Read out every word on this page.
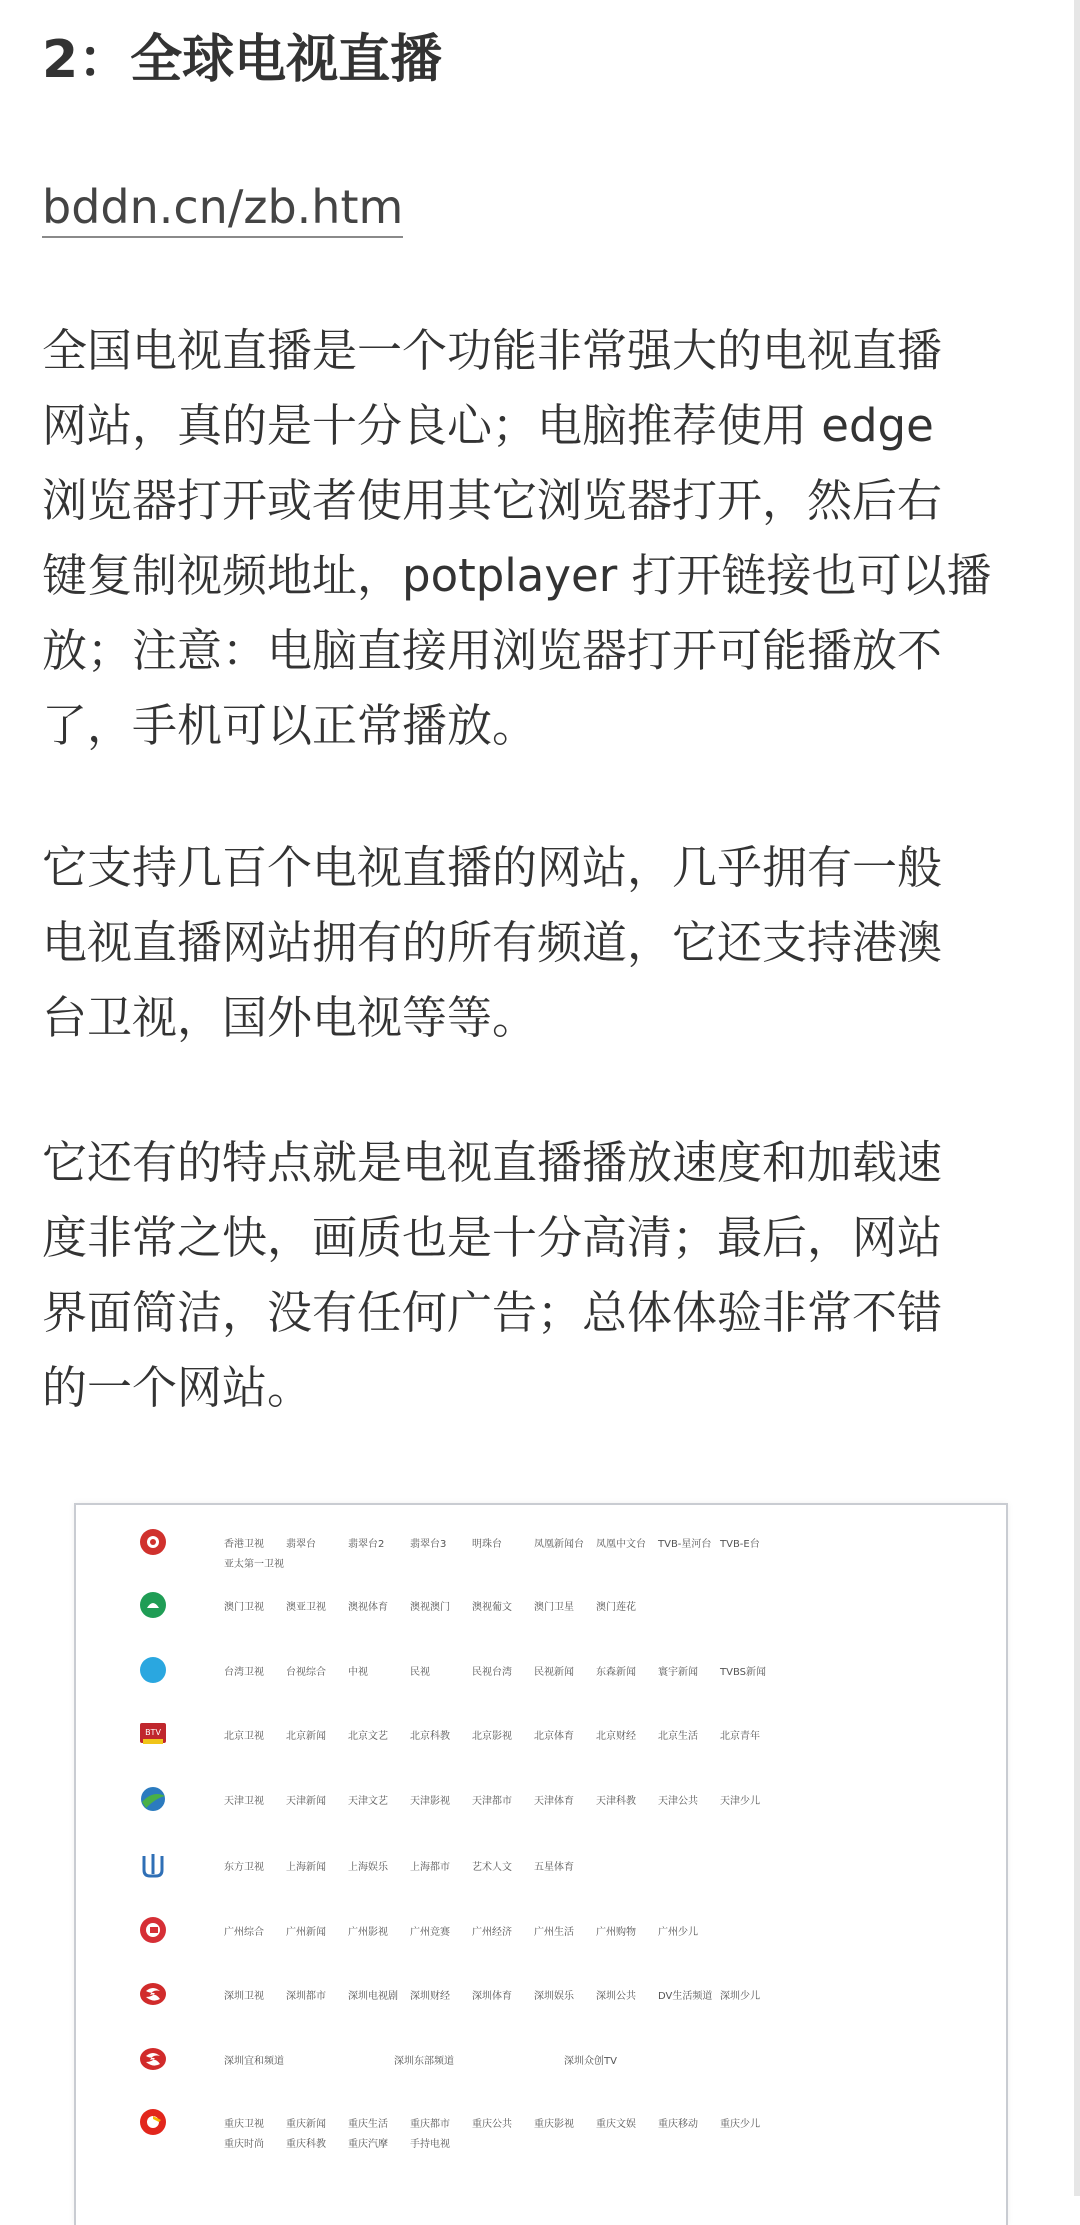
2：全球电视直播
bddn.cn/zb.htm
全国电视直播是一个功能非常强大的电视直播
网站，真的是十分良心；电脑推荐使用 edge
浏览器打开或者使用其它浏览器打开，然后右
键复制视频地址，potplayer 打开链接也可以播
放；注意：电脑直接用浏览器打开可能播放不
了，手机可以正常播放。
它支持几百个电视直播的网站，几乎拥有一般
电视直播网站拥有的所有频道，它还支持港澳
台卫视，国外电视等等。
它还有的特点就是电视直播播放速度和加载速
度非常之快，画质也是十分高清；最后，网站
界面简洁，没有任何广告；总体体验非常不错
的一个网站。
香港卫视 翡翠台	翡翠台2	翡翠台3	明珠台	凤凰新闻台 凤凰中文台 TVB-星河台 TVB-E台
亚太第一卫视
澳门卫视 澳亚卫视 澳视体育 澳视澳门 澳视葡文 澳门卫星 澳门莲花
台湾卫视 台视综合 中视	民视	民视台湾 民视新闻 东森新闻 寰宇新闻 TVBS新闻
BTV	北京卫视 北京新闻 北京文艺 北京科教 北京影视 北京体育 北京财经 北京生活 北京青年
天津卫视 天津新闻 天津文艺 天津影视 天津都市 天津体育 天津科教 天津公共 天津少儿
东方卫视 上海新闻 上海娱乐 上海都市 艺术人文 五星体育
广州综合 广州新闻 广州影视 广州竞赛 广州经济 广州生活 广州购物 广州少儿
深圳卫视 深圳都市 深圳电视剧 深圳财经 深圳体育 深圳娱乐 深圳公共 DV生活频道 深圳少儿
深圳宜和频道	深圳东部频道	深圳众创TV
重庆卫视 重庆新闻 重庆生活 重庆都市 重庆公共 重庆影视 重庆文娱 重庆移动 重庆少儿
重庆时尚 重庆科教 重庆汽摩 手持电视
